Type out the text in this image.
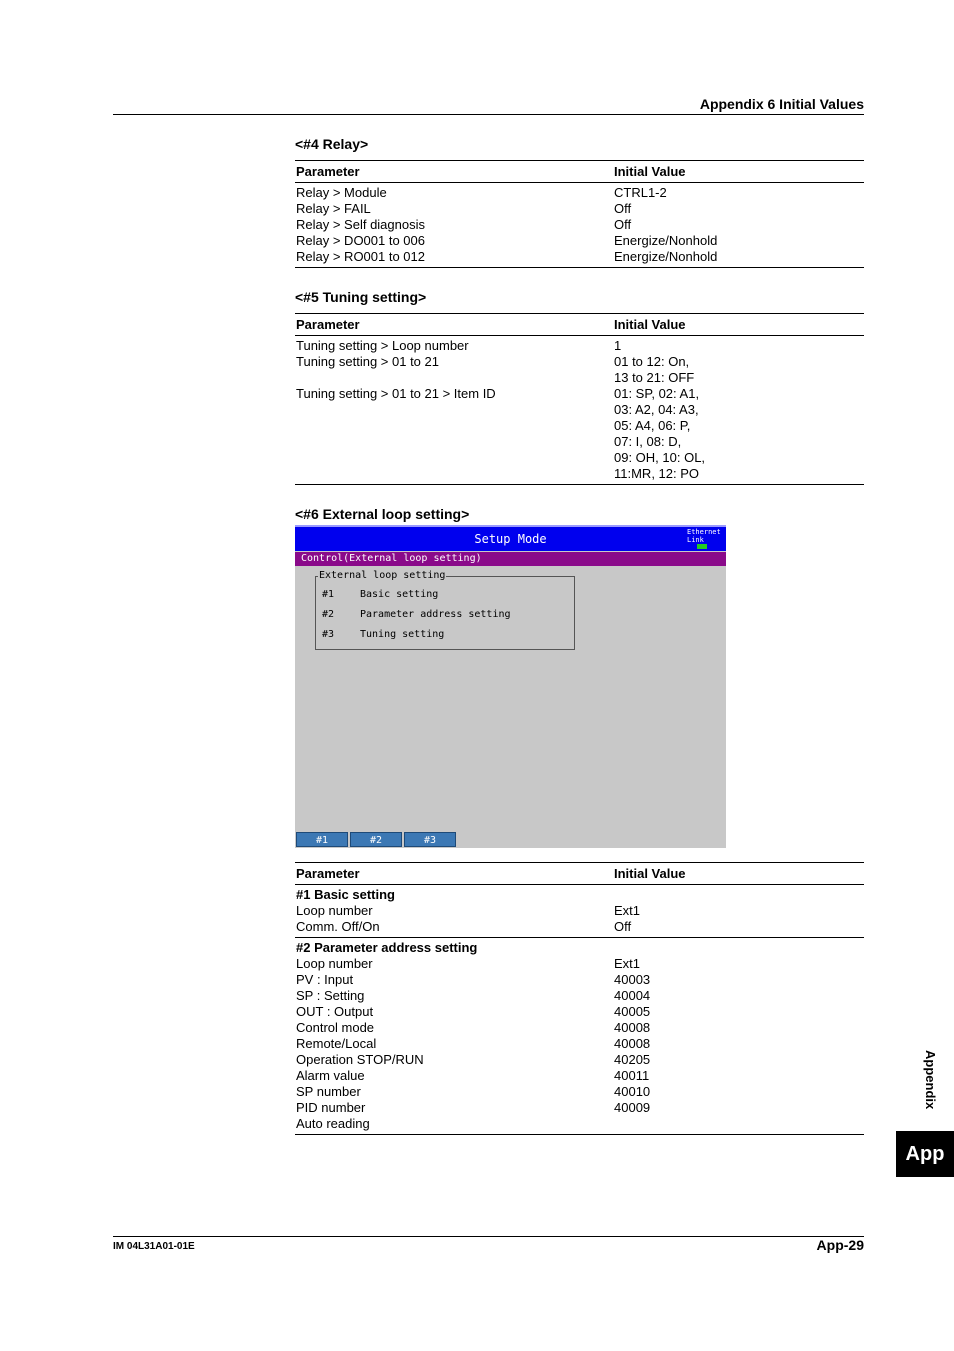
Appendix 6 Initial Values
<#4 Relay>
Parameter	Initial Value
Relay > Module	CTRL1-2
Relay > FAIL	Off
Relay > Self diagnosis	Off
Relay > DO001 to 006	Energize/Nonhold
Relay > RO001 to 012	Energize/Nonhold
<#5 Tuning setting>
Parameter	Initial Value
Tuning setting > Loop number	1
Tuning setting > 01 to 21	01 to 12: On,
13 to 21: OFF
Tuning setting > 01 to 21 > Item ID	01: SP, 02: A1,
03: A2, 04: A3,
05: A4, 06: P,
07: I, 08: D,
09: OH, 10: OL,
11:MR, 12: PO
<#6 External loop setting>
Setup Mode	Ethernet
Link
Control(External loop setting)
External loop setting
#1	Basic setting
#2	Parameter address setting
#3	Tuning setting
#1	#2	#3
Parameter	Initial Value
#1 Basic setting
Loop number	Ext1
Comm. Off/On	Off
#2 Parameter address setting
Loop number	Ext1
PV : Input	40003
SP : Setting	40004
OUT : Output	40005
Control mode	40008
Remote/Local	40008
Operation STOP/RUN	40205
Alarm value	40011
SP number	40010
PID number	40009
Auto reading
Appendix
App
IM 04L31A01-01E	App-29
